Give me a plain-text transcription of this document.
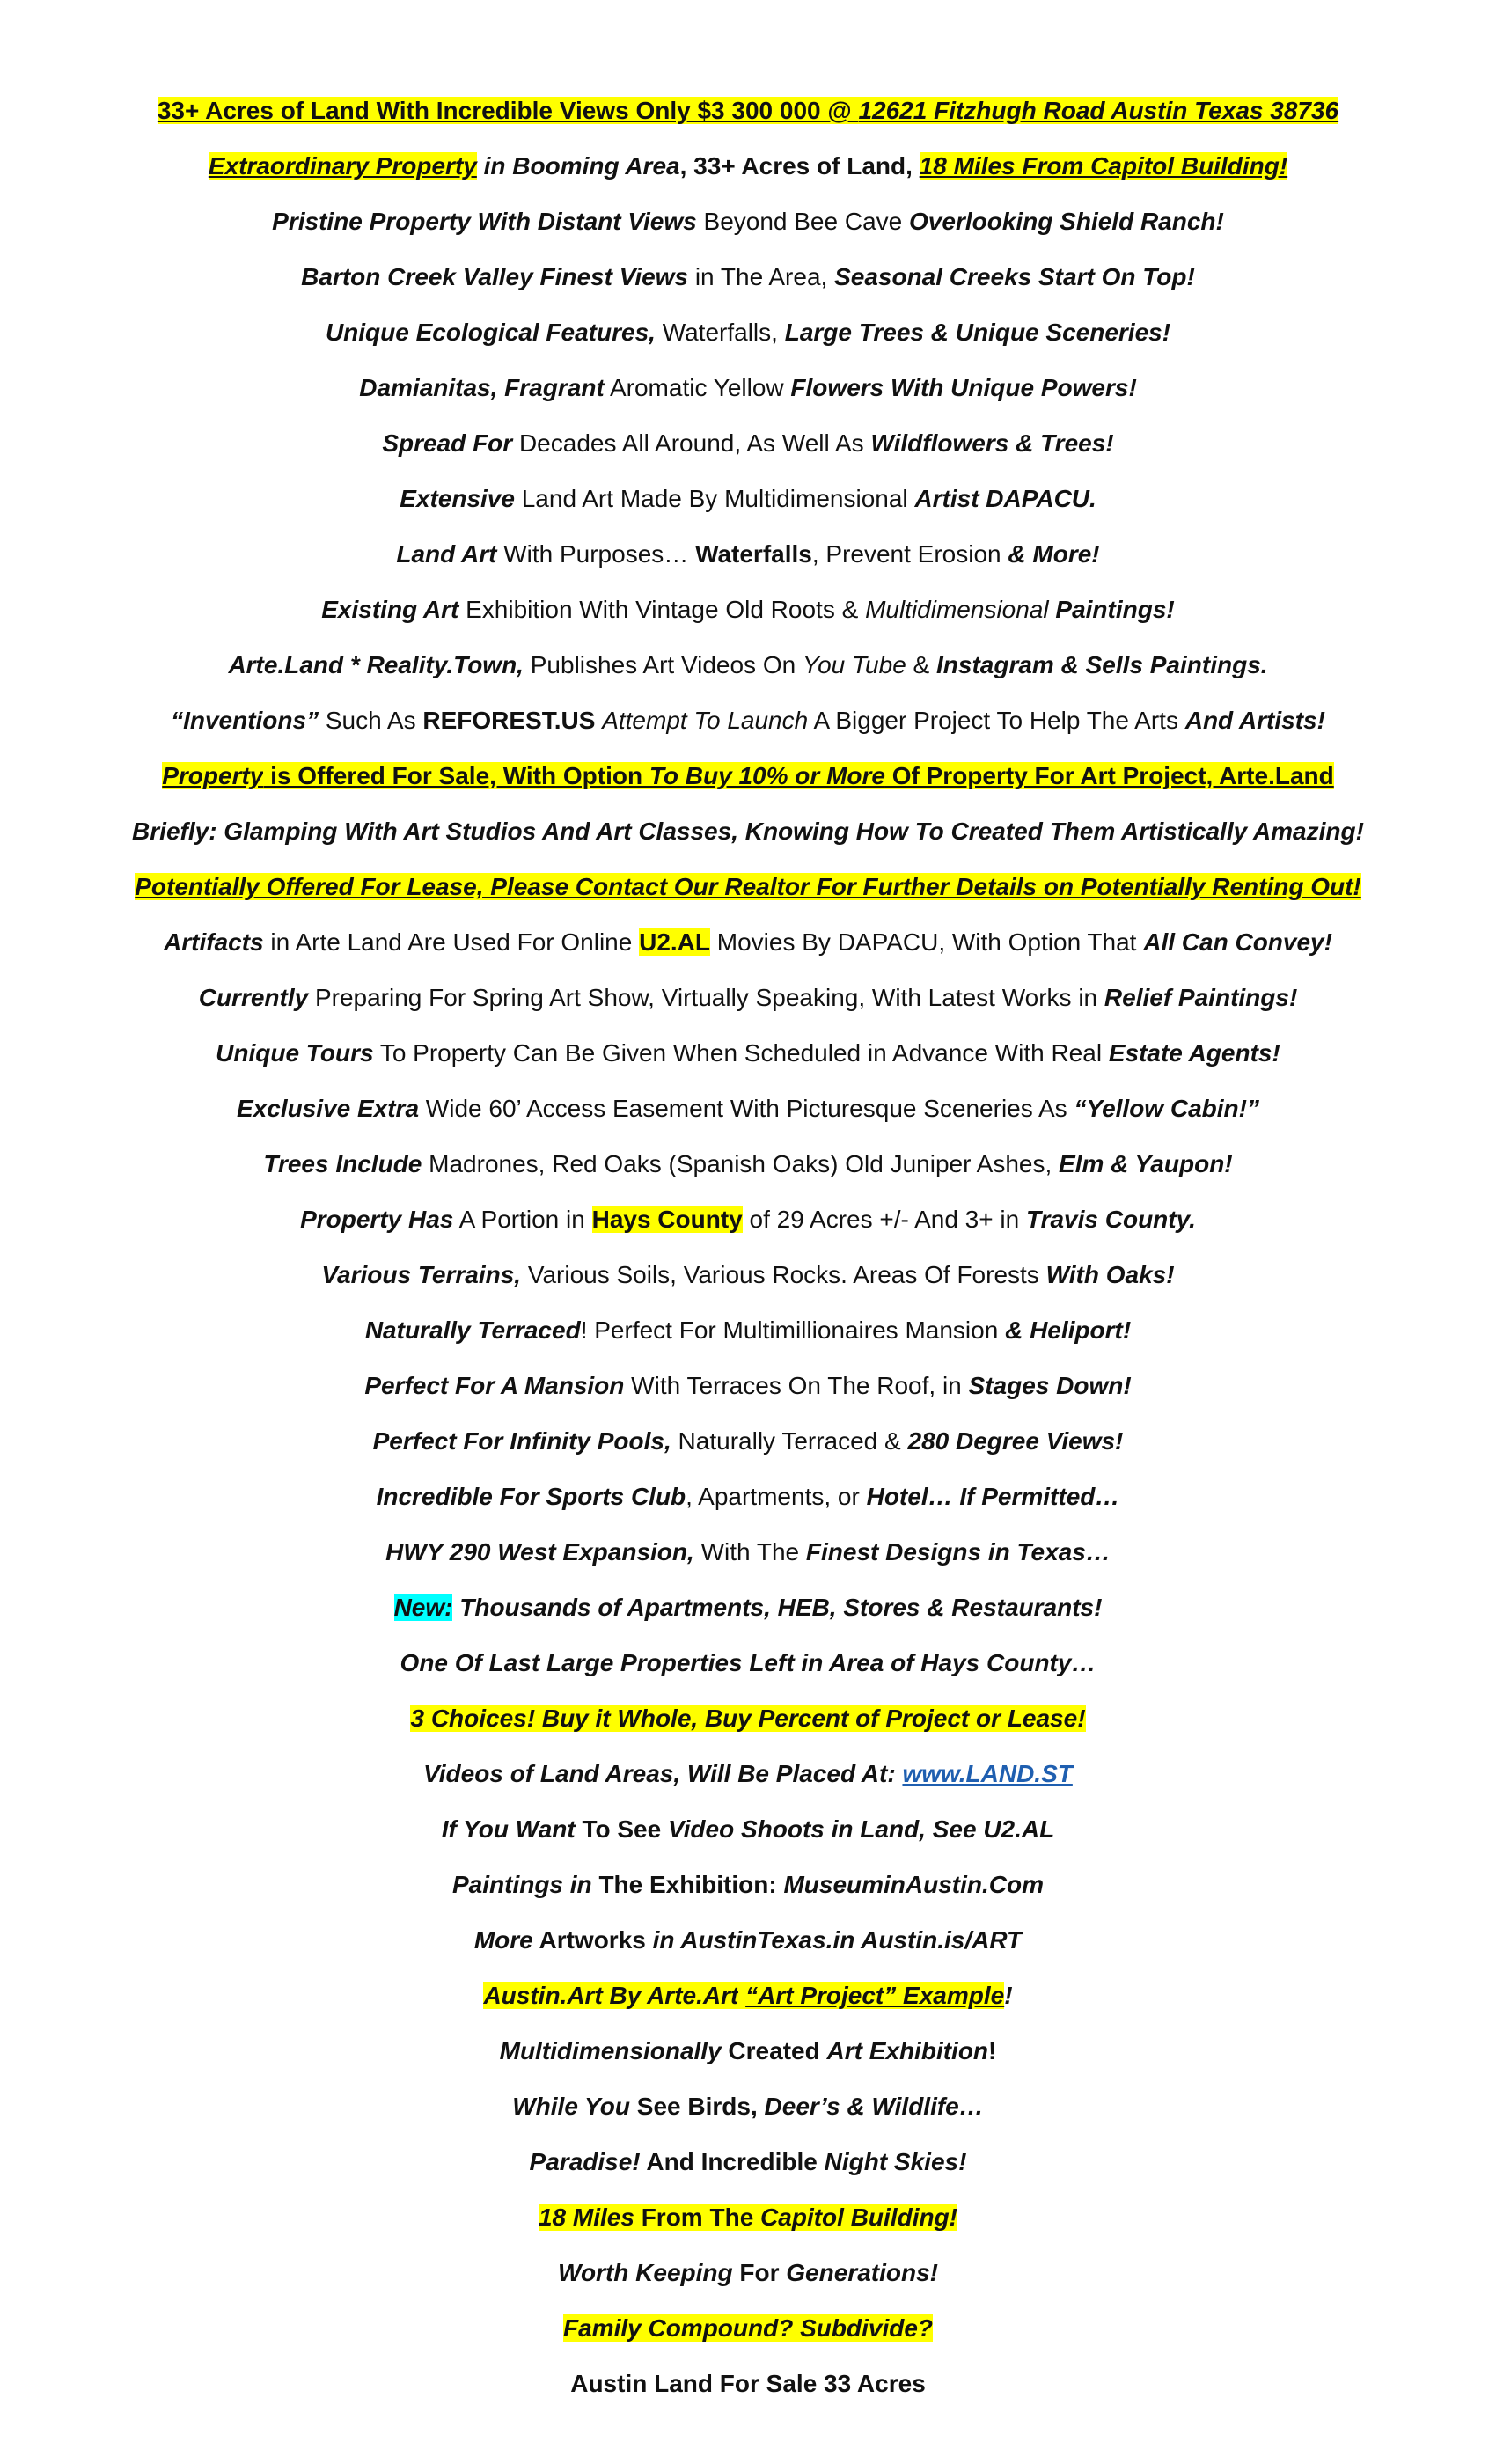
33+ Acres of Land With Incredible Views Only $3 300 000 @ 12621 Fitzhugh Road Austin Texas 38736
Extraordinary Property in Booming Area, 33+ Acres of Land, 18 Miles From Capitol Building!
Pristine Property With Distant Views Beyond Bee Cave Overlooking Shield Ranch!
Barton Creek Valley Finest Views in The Area, Seasonal Creeks Start On Top!
Unique Ecological Features, Waterfalls, Large Trees & Unique Sceneries!
Damianitas, Fragrant Aromatic Yellow Flowers With Unique Powers!
Spread For Decades All Around, As Well As Wildflowers & Trees!
Extensive Land Art Made By Multidimensional Artist DAPACU.
Land Art With Purposes… Waterfalls, Prevent Erosion & More!
Existing Art Exhibition With Vintage Old Roots & Multidimensional Paintings!
Arte.Land * Reality.Town, Publishes Art Videos On You Tube & Instagram & Sells Paintings.
“Inventions” Such As REFOREST.US Attempt To Launch A Bigger Project To Help The Arts And Artists!
Property is Offered For Sale, With Option To Buy 10% or More Of Property For Art Project, Arte.Land
Briefly: Glamping With Art Studios And Art Classes, Knowing How To Created Them Artistically Amazing!
Potentially Offered For Lease, Please Contact Our Realtor For Further Details on Potentially Renting Out!
Artifacts in Arte Land Are Used For Online U2.AL Movies By DAPACU, With Option That All Can Convey!
Currently Preparing For Spring Art Show, Virtually Speaking, With Latest Works in Relief Paintings!
Unique Tours To Property Can Be Given When Scheduled in Advance With Real Estate Agents!
Exclusive Extra Wide 60’ Access Easement With Picturesque Sceneries As “Yellow Cabin!”
Trees Include Madrones, Red Oaks (Spanish Oaks) Old Juniper Ashes, Elm & Yaupon!
Property Has A Portion in Hays County of 29 Acres +/- And 3+ in Travis County.
Various Terrains, Various Soils, Various Rocks. Areas Of Forests With Oaks!
Naturally Terraced! Perfect For Multimillionaires Mansion & Heliport!
Perfect For A Mansion With Terraces On The Roof, in Stages Down!
Perfect For Infinity Pools, Naturally Terraced & 280 Degree Views!
Incredible For Sports Club, Apartments, or Hotel… If Permitted…
HWY 290 West Expansion, With The Finest Designs in Texas…
New: Thousands of Apartments, HEB, Stores & Restaurants!
One Of Last Large Properties Left in Area of Hays County…
3 Choices! Buy it Whole, Buy Percent of Project or Lease!
Videos of Land Areas, Will Be Placed At: www.LAND.ST
If You Want To See Video Shoots in Land, See U2.AL
Paintings in The Exhibition: MuseuminAustin.Com
More Artworks in AustinTexas.in Austin.is/ART
Austin.Art By Arte.Art “Art Project” Example!
Multidimensionally Created Art Exhibition!
While You See Birds, Deer’s & Wildlife…
Paradise! And Incredible Night Skies!
18 Miles From The Capitol Building!
Worth Keeping For Generations!
Family Compound? Subdivide?
Austin Land For Sale 33 Acres
